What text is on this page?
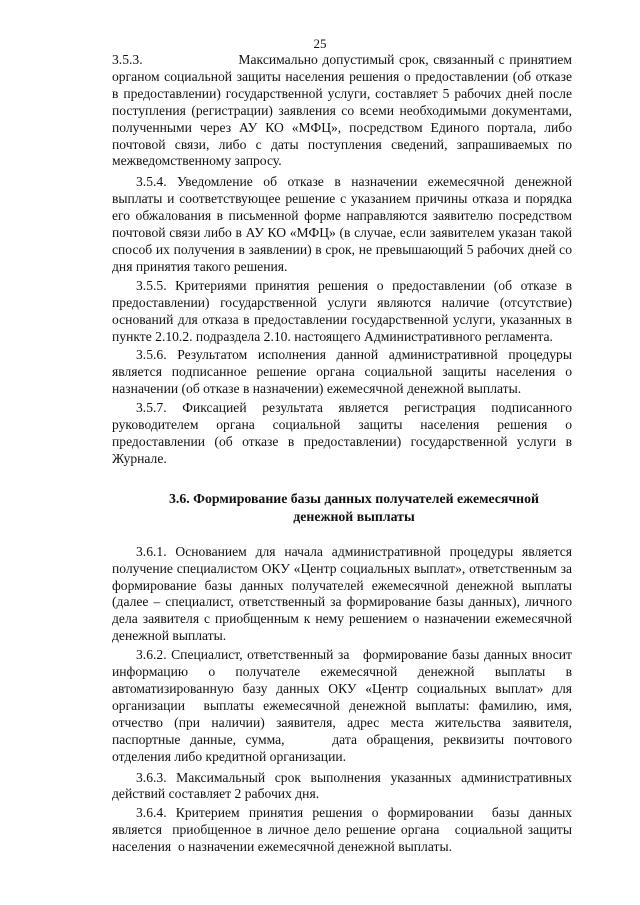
25

3.5.3.                     Максимально допустимый срок, связанный с принятием органом социальной защиты населения решения о предоставлении (об отказе в предоставлении) государственной услуги, составляет 5 рабочих дней после поступления (регистрации) заявления со всеми необходимыми документами, полученными через АУ КО «МФЦ», посредством Единого портала, либо почтовой связи, либо с даты поступления сведений, запрашиваемых по межведомственному запросу.

3.5.4. Уведомление об отказе в назначении ежемесячной денежной выплаты и соответствующее решение с указанием причины отказа и порядка его обжалования в письменной форме направляются заявителю посредством почтовой связи либо в АУ КО «МФЦ» (в случае, если заявителем указан такой способ их получения в заявлении) в срок, не превышающий 5 рабочих дней со дня принятия такого решения.

3.5.5. Критериями принятия решения о предоставлении (об отказе в предоставлении) государственной услуги являются наличие (отсутствие) оснований для отказа в предоставлении государственной услуги, указанных в пункте 2.10.2. подраздела 2.10. настоящего Административного регламента.

3.5.6. Результатом исполнения данной административной процедуры является подписанное решение органа социальной защиты населения о назначении (об отказе в назначении) ежемесячной денежной выплаты.

3.5.7. Фиксацией результата является регистрация подписанного руководителем органа социальной защиты населения решения о предоставлении (об отказе в предоставлении) государственной услуги в Журнале.

3.6. Формирование базы данных получателей ежемесячной

денежной выплаты

3.6.1. Основанием для начала административной процедуры является получение специалистом ОКУ «Центр социальных выплат», ответственным за формирование базы данных получателей ежемесячной денежной выплаты (далее – специалист, ответственный за формирование базы данных), личного дела заявителя с приобщенным к нему решением о назначении ежемесячной денежной выплаты.

3.6.2. Специалист, ответственный за   формирование базы данных вносит информацию о получателе ежемесячной денежной выплаты в автоматизированную базу данных ОКУ «Центр социальных выплат» для организации  выплаты ежемесячной денежной выплаты: фамилию, имя, отчество (при наличии) заявителя, адрес места жительства заявителя, паспортные данные, сумма,     дата обращения, реквизиты почтового отделения либо кредитной организации.

3.6.3. Максимальный срок выполнения указанных административных действий составляет 2 рабочих дня.

3.6.4. Критерием принятия решения о формировании  базы данных является  приобщенное в личное дело решение органа   социальной защиты населения  о назначении ежемесячной денежной выплаты.
